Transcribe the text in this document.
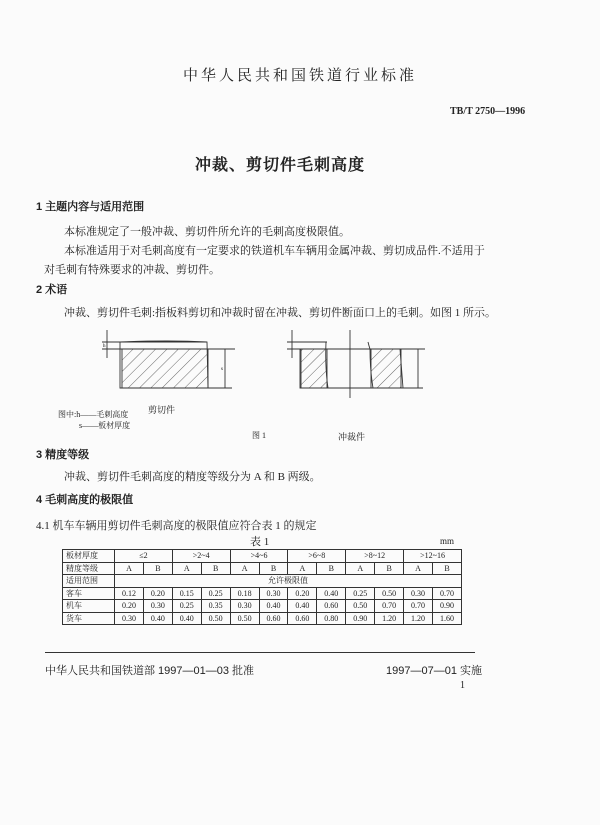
中华人民共和国铁道行业标准
TB/T 2750—1996
冲裁、剪切件毛刺高度
1 主题内容与适用范围
本标准规定了一般冲裁、剪切件所允许的毛刺高度极限值。
本标准适用于对毛刺高度有一定要求的铁道机车车辆用金属冲裁、剪切成品件.不适用于
对毛刺有特殊要求的冲裁、剪切件。
2 术语
冲裁、剪切件毛刺:指板料剪切和冲裁时留在冲裁、剪切件断面口上的毛刺。如图 1 所示。
h
s
剪切件
冲裁件
图中:h——毛刺高度
s——板材厚度
图 1
3 精度等级
冲裁、剪切件毛刺高度的精度等级分为 A 和 B 两级。
4 毛刺高度的极限值
4.1 机车车辆用剪切件毛刺高度的极限值应符合表 1 的规定
表 1	mm
板材厚度	≤2		>2~4		>4~6		>6~8		>8~12		>12~16	
精度等级	A	B	A	B	A	B	A	B	A	B	A	B
适用范围	允许极限值											
客车	0.12	0.20	0.15	0.25	0.18	0.30	0.20	0.40	0.25	0.50	0.30	0.70
机车	0.20	0.30	0.25	0.35	0.30	0.40	0.40	0.60	0.50	0.70	0.70	0.90
货车	0.30	0.40	0.40	0.50	0.50	0.60	0.60	0.80	0.90	1.20	1.20	1.60
中华人民共和国铁道部 1997—01—03 批准	1997—07—01 实施
1
